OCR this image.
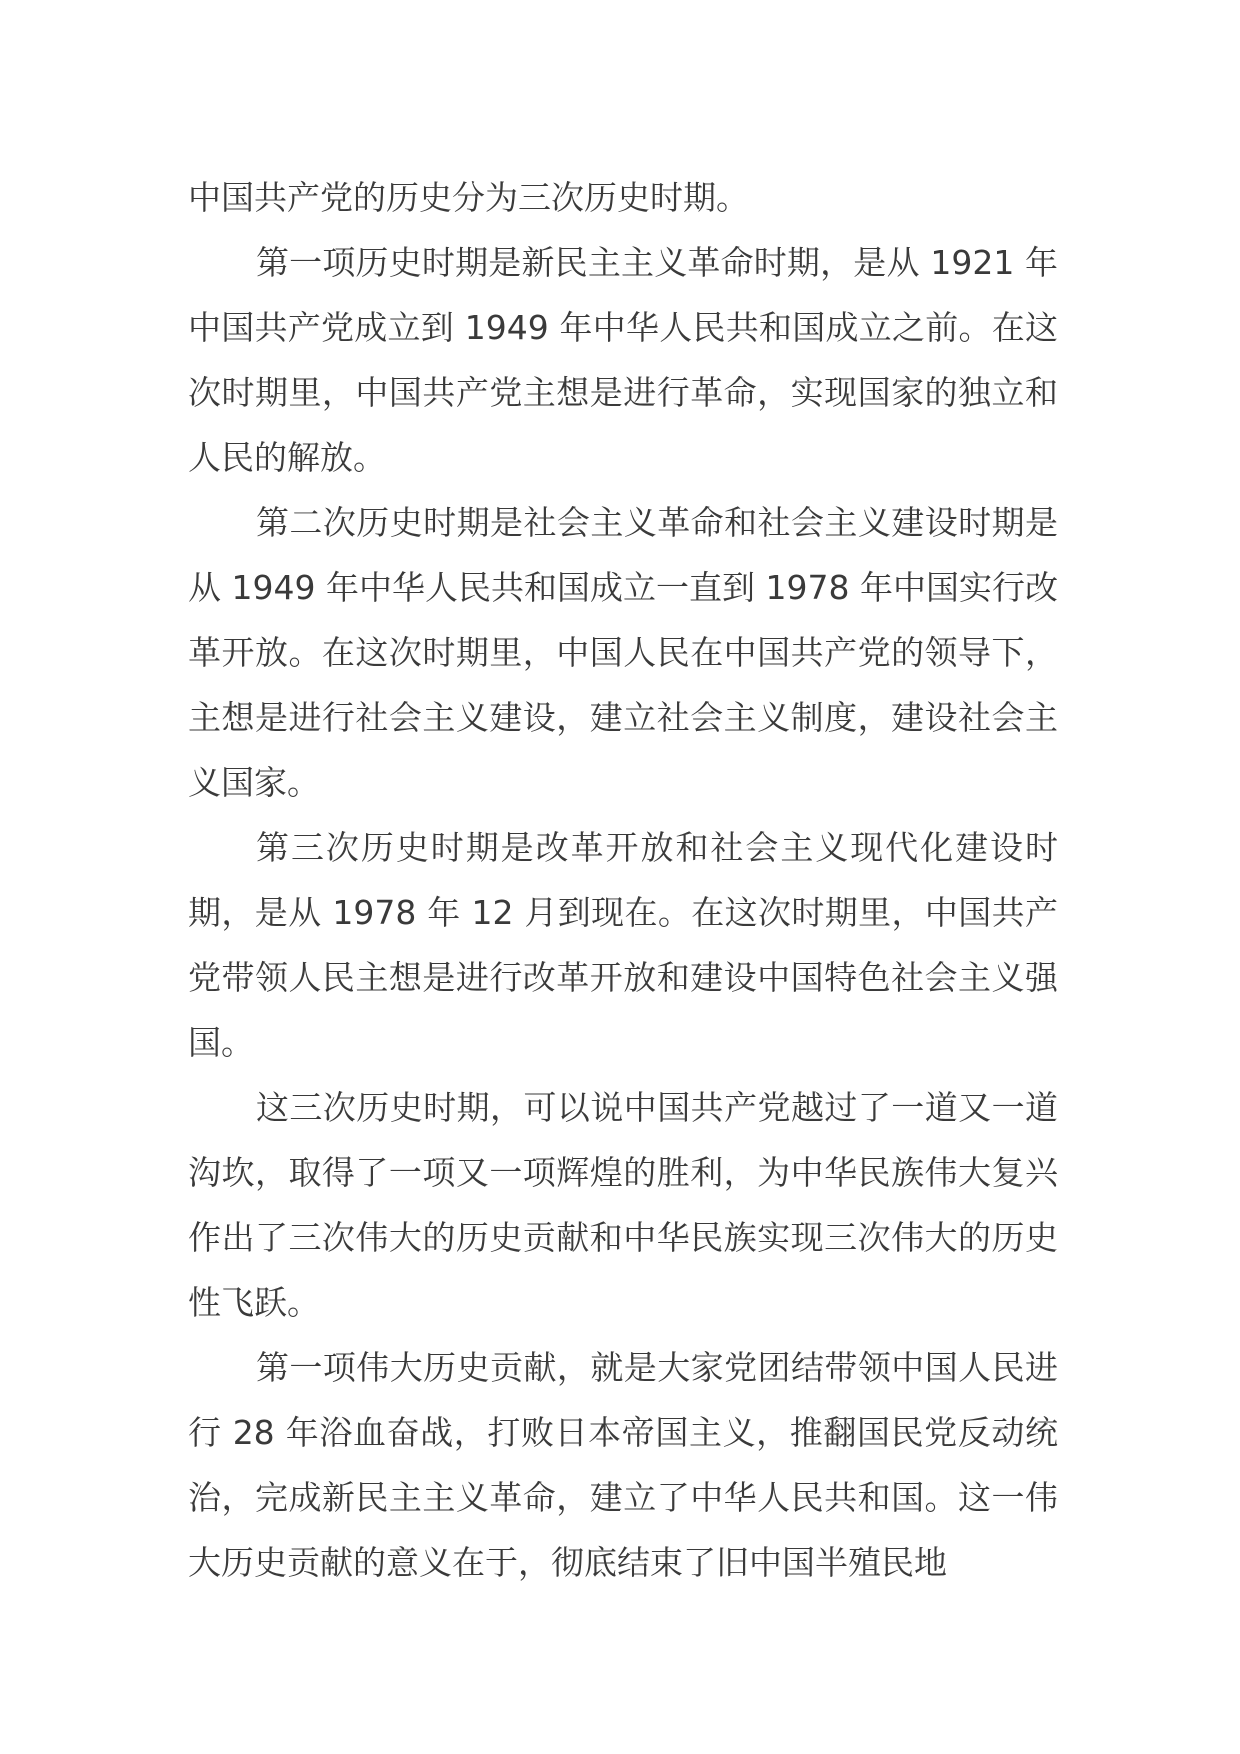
中国共产党的历史分为三次历史时期。

第一项历史时期是新民主主义革命时期，是从 1921 年中国共产党成立到 1949 年中华人民共和国成立之前。在这次时期里，中国共产党主想是进行革命，实现国家的独立和人民的解放。

第二次历史时期是社会主义革命和社会主义建设时期是从 1949 年中华人民共和国成立一直到 1978 年中国实行改革开放。在这次时期里，中国人民在中国共产党的领导下，主想是进行社会主义建设，建立社会主义制度，建设社会主义国家。

第三次历史时期是改革开放和社会主义现代化建设时期，是从 1978 年 12 月到现在。在这次时期里，中国共产党带领人民主想是进行改革开放和建设中国特色社会主义强国。

这三次历史时期，可以说中国共产党越过了一道又一道沟坎，取得了一项又一项辉煌的胜利，为中华民族伟大复兴作出了三次伟大的历史贡献和中华民族实现三次伟大的历史性飞跃。

第一项伟大历史贡献，就是大家党团结带领中国人民进行 28 年浴血奋战，打败日本帝国主义，推翻国民党反动统治，完成新民主主义革命，建立了中华人民共和国。这一伟大历史贡献的意义在于，彻底结束了旧中国半殖民地
